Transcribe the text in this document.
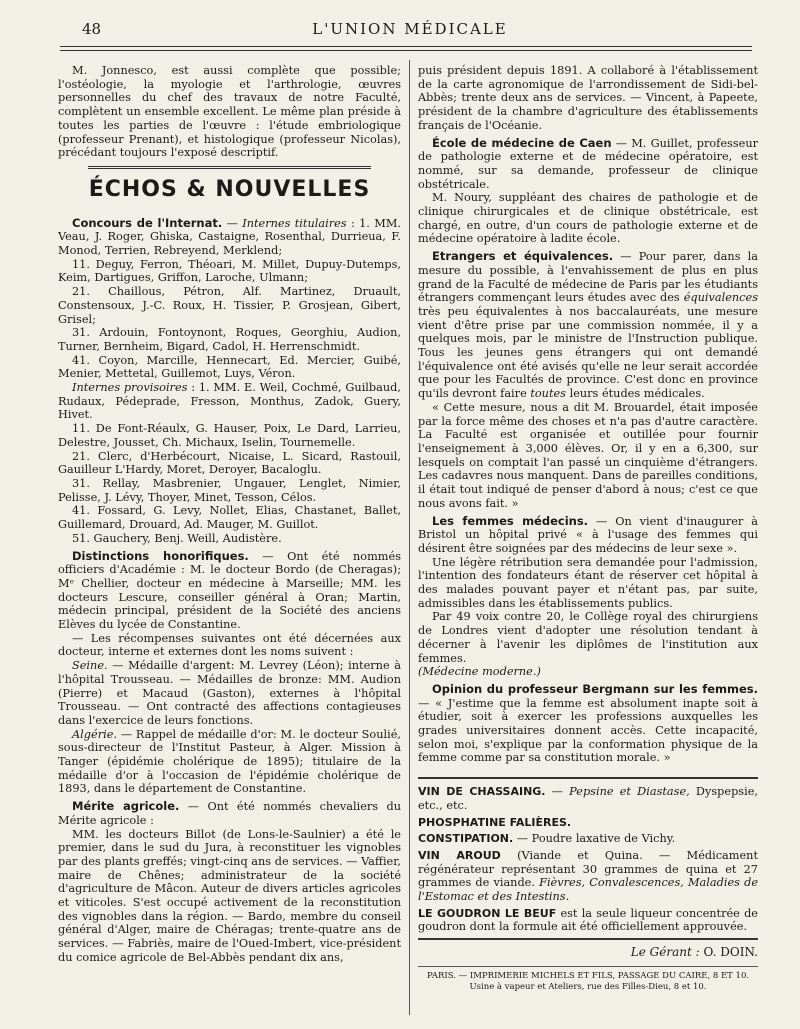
48	L'UNION MÉDICALE

M. Jonnesco, est aussi complète que possible; l'ostéologie, la myologie et l'arthrologie, œuvres personnelles du chef des travaux de notre Faculté, complètent un ensemble excellent. Le même plan préside à toutes les parties de l'œuvre : l'étude embriologique (professeur Prenant), et histologique (professeur Nicolas), précédant toujours l'exposé descriptif.

ÉCHOS & NOUVELLES

Concours de l'Internat. — Internes titulaires : 1. MM. Veau, J. Roger, Ghiska, Castaigne, Rosenthal, Durrieua, F. Monod, Terrien, Rebreyend, Merklend;

11. Deguy, Ferron, Théoari, M. Millet, Dupuy-Dutemps, Keim, Dartigues, Griffon, Laroche, Ulmann;

21. Chaillous, Pétron, Alf. Martinez, Druault, Constensoux, J.-C. Roux, H. Tissier, P. Grosjean, Gibert, Grisel;

31. Ardouin, Fontoynont, Roques, Georghiu, Audion, Turner, Bernheim, Bigard, Cadol, H. Herrenschmidt.

41. Coyon, Marcille, Hennecart, Ed. Mercier, Guibé, Menier, Mettetal, Guillemot, Luys, Véron.

Internes provisoires : 1. MM. E. Weil, Cochmé, Guilbaud, Rudaux, Pédeprade, Fresson, Monthus, Zadok, Guery, Hivet.

11. De Font-Réaulx, G. Hauser, Poix, Le Dard, Larrieu, Delestre, Jousset, Ch. Michaux, Iselin, Tournemelle.

21. Clerc, d'Herbécourt, Nicaise, L. Sicard, Rastouil, Gauilleur L'Hardy, Moret, Deroyer, Bacaloglu.

31. Rellay, Masbrenier, Ungauer, Lenglet, Nimier, Pelisse, J. Lévy, Thoyer, Minet, Tesson, Célos.

41. Fossard, G. Levy, Nollet, Elias, Chastanet, Ballet, Guillemard, Drouard, Ad. Mauger, M. Guillot.

51. Gauchery, Benj. Weill, Audistère.

Distinctions honorifiques. — Ont été nommés officiers d'Académie : M. le docteur Bordo (de Cheragas); Mᵉ Chellier, docteur en médecine à Marseille; MM. les docteurs Lescure, conseiller général à Oran; Martin, médecin principal, président de la Société des anciens Elèves du lycée de Constantine.

— Les récompenses suivantes ont été décernées aux docteur, interne et externes dont les noms suivent :

Seine. — Médaille d'argent: M. Levrey (Léon); interne à l'hôpital Trousseau. — Médailles de bronze: MM. Audion (Pierre) et Macaud (Gaston), externes à l'hôpital Trousseau. — Ont contracté des affections contagieuses dans l'exercice de leurs fonctions.

Algérie. — Rappel de médaille d'or: M. le docteur Soulié, sous-directeur de l'Institut Pasteur, à Alger. Mission à Tanger (épidémie cholérique de 1895); titulaire de la médaille d'or à l'occasion de l'épidémie cholérique de 1893, dans le département de Constantine.

Mérite agricole. — Ont été nommés chevaliers du Mérite agricole :

MM. les docteurs Billot (de Lons-le-Saulnier) a été le premier, dans le sud du Jura, à reconstituer les vignobles par des plants greffés; vingt-cinq ans de services. — Vaffier, maire de Chênes; administrateur de la société d'agriculture de Mâcon. Auteur de divers articles agricoles et viticoles. S'est occupé activement de la reconstitution des vignobles dans la région. — Bardo, membre du conseil général d'Alger, maire de Chéragas; trente-quatre ans de services. — Fabriès, maire de l'Oued-Imbert, vice-président du comice agricole de Bel-Abbès pendant dix ans,

puis président depuis 1891. A collaboré à l'établissement de la carte agronomique de l'arrondissement de Sidi-bel-Abbès; trente deux ans de services. — Vincent, à Papeete, président de la chambre d'agriculture des établissements français de l'Océanie.

École de médecine de Caen — M. Guillet, professeur de pathologie externe et de médecine opératoire, est nommé, sur sa demande, professeur de clinique obstétricale.

M. Noury, suppléant des chaires de pathologie et de clinique chirurgicales et de clinique obstétricale, est chargé, en outre, d'un cours de pathologie externe et de médecine opératoire à ladite école.

Etrangers et équivalences. — Pour parer, dans la mesure du possible, à l'envahissement de plus en plus grand de la Faculté de médecine de Paris par les étudiants étrangers commençant leurs études avec des équivalences très peu équivalentes à nos baccalauréats, une mesure vient d'être prise par une commission nommée, il y a quelques mois, par le ministre de l'Instruction publique. Tous les jeunes gens étrangers qui ont demandé l'équivalence ont été avisés qu'elle ne leur serait accordée que pour les Facultés de province. C'est donc en province qu'ils devront faire toutes leurs études médicales.

« Cette mesure, nous a dit M. Brouardel, était imposée par la force même des choses et n'a pas d'autre caractère. La Faculté est organisée et outillée pour fournir l'enseignement à 3,000 élèves. Or, il y en a 6,300, sur lesquels on comptait l'an passé un cinquième d'étrangers. Les cadavres nous manquent. Dans de pareilles conditions, il était tout indiqué de penser d'abord à nous; c'est ce que nous avons fait. »

Les femmes médecins. — On vient d'inaugurer à Bristol un hôpital privé « à l'usage des femmes qui désirent être soignées par des médecins de leur sexe ».

Une légère rétribution sera demandée pour l'admission, l'intention des fondateurs étant de réserver cet hôpital à des malades pouvant payer et n'étant pas, par suite, admissibles dans les établissements publics.

Par 49 voix contre 20, le Collège royal des chirurgiens de Londres vient d'adopter une résolution tendant à décerner à l'avenir les diplômes de l'institution aux femmes.

(Médecine moderne.)

Opinion du professeur Bergmann sur les femmes. — « J'estime que la femme est absolument inapte soit à étudier, soit à exercer les professions auxquelles les grades universitaires donnent accès. Cette incapacité, selon moi, s'explique par la conformation physique de la femme comme par sa constitution morale. »

VIN DE CHASSAING. — Pepsine et Diastase, Dyspepsie, etc., etc.

PHOSPHATINE FALIÈRES.

CONSTIPATION. — Poudre laxative de Vichy.

VIN AROUD (Viande et Quina. — Médicament régénérateur représentant 30 grammes de quina et 27 grammes de viande. Fièvres, Convalescences, Maladies de l'Estomac et des Intestins.

LE GOUDRON LE BEUF est la seule liqueur concentrée de goudron dont la formule ait été officiellement approuvée.

Le Gérant : O. DOIN.
PARIS. — IMPRIMERIE MICHELS ET FILS, PASSAGE DU CAIRE, 8 ET 10.
Usine à vapeur et Ateliers, rue des Filles-Dieu, 8 et 10.
